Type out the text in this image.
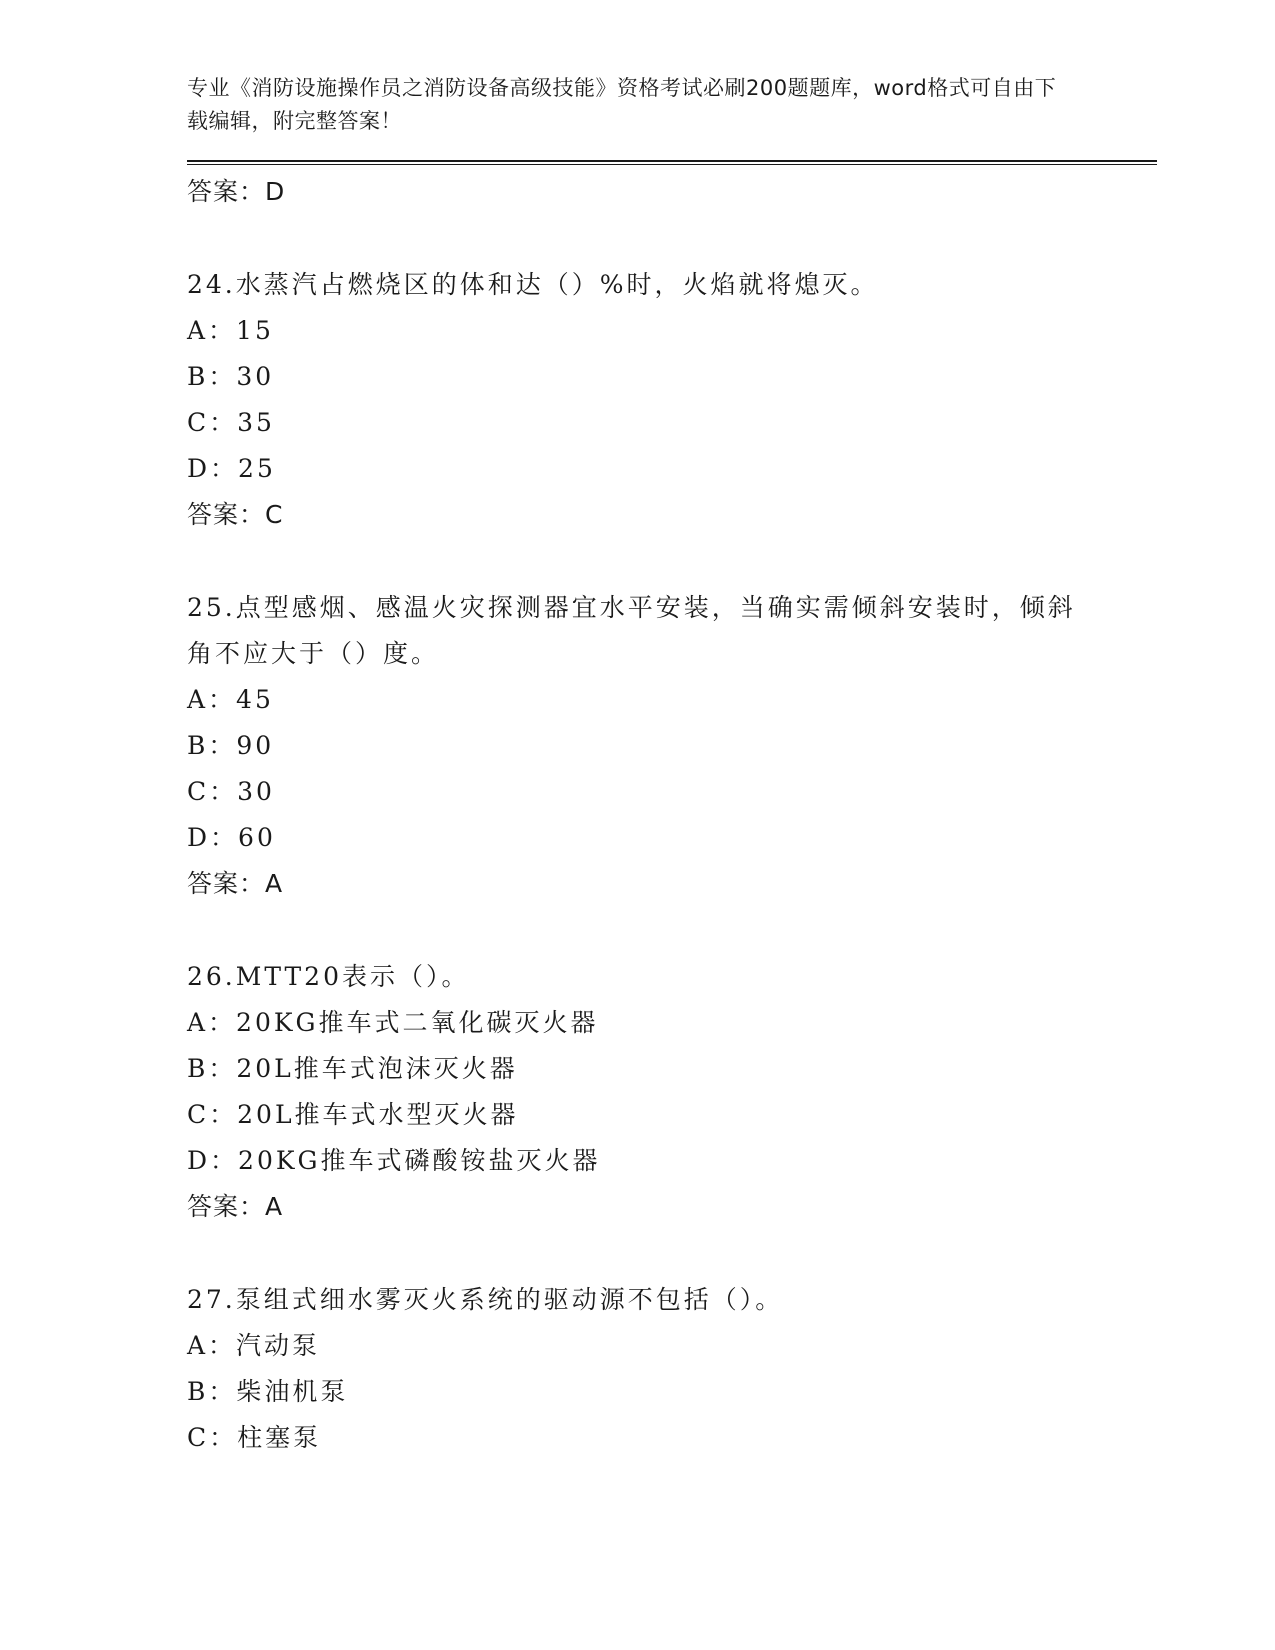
专业《消防设施操作员之消防设备高级技能》资格考试必刷200题题库，word格式可自由下载编辑，附完整答案！
答案：D
24.水蒸汽占燃烧区的体和达（）%时，火焰就将熄灭。
A：15
B：30
C：35
D：25
答案：C
25.点型感烟、感温火灾探测器宜水平安装，当确实需倾斜安装时，倾斜角不应大于（）度。
A：45
B：90
C：30
D：60
答案：A
26.MTT20表示（）。
A：20KG推车式二氧化碳灭火器
B：20L推车式泡沫灭火器
C：20L推车式水型灭火器
D：20KG推车式磷酸铵盐灭火器
答案：A
27.泵组式细水雾灭火系统的驱动源不包括（）。
A：汽动泵
B：柴油机泵
C：柱塞泵
